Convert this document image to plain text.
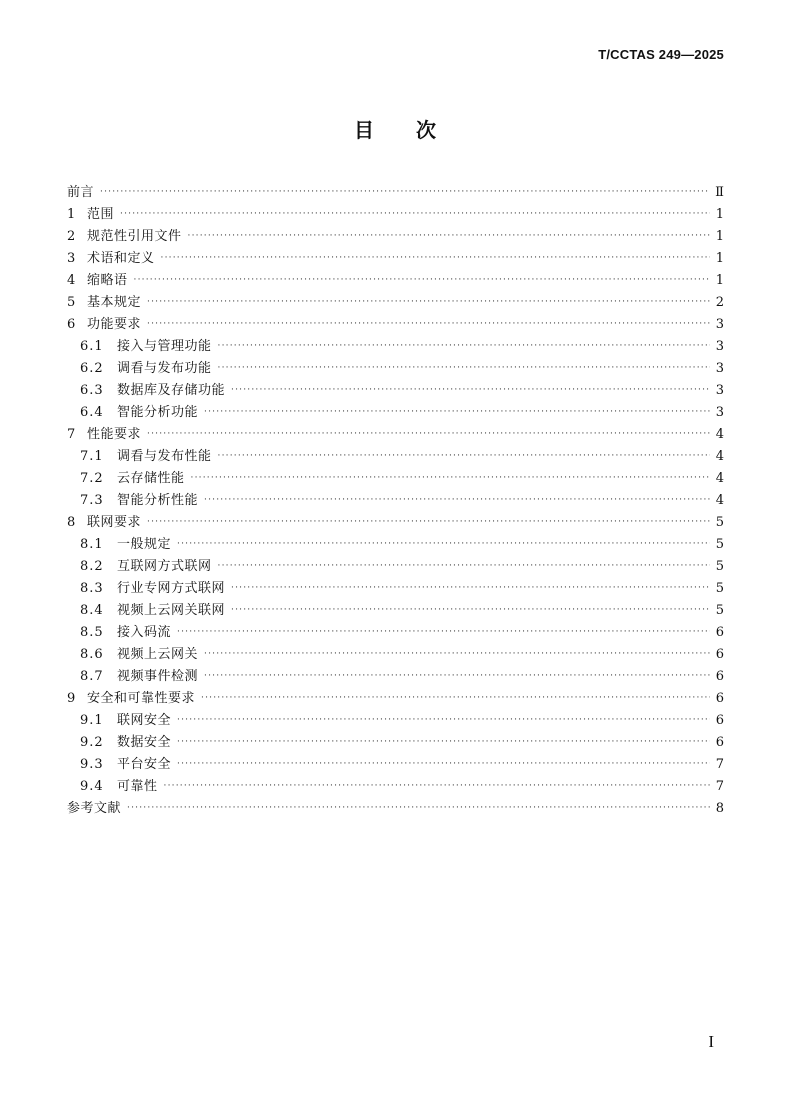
T/CCTAS 249—2025
目 次
前言 ·····	Ⅱ
1 范围 ·····	1
2 规范性引用文件 ·····	1
3 术语和定义 ·····	1
4 缩略语 ·····	1
5 基本规定 ·····	2
6 功能要求 ·····	3
6.1	接入与管理功能 ·····	3
6.2	调看与发布功能 ·····	3
6.3	数据库及存储功能 ·····	3
6.4	智能分析功能 ·····	3
7 性能要求 ·····	4
7.1	调看与发布性能 ·····	4
7.2	云存储性能 ·····	4
7.3	智能分析性能 ·····	4
8 联网要求 ·····	5
8.1	一般规定 ·····	5
8.2	互联网方式联网 ·····	5
8.3	行业专网方式联网 ·····	5
8.4	视频上云网关联网 ·····	5
8.5	接入码流 ·····	6
8.6	视频上云网关 ·····	6
8.7	视频事件检测 ·····	6
9 安全和可靠性要求 ·····	6
9.1	联网安全 ·····	6
9.2	数据安全 ·····	6
9.3	平台安全 ·····	7
9.4	可靠性 ·····	7
参考文献 ·····	8
I
